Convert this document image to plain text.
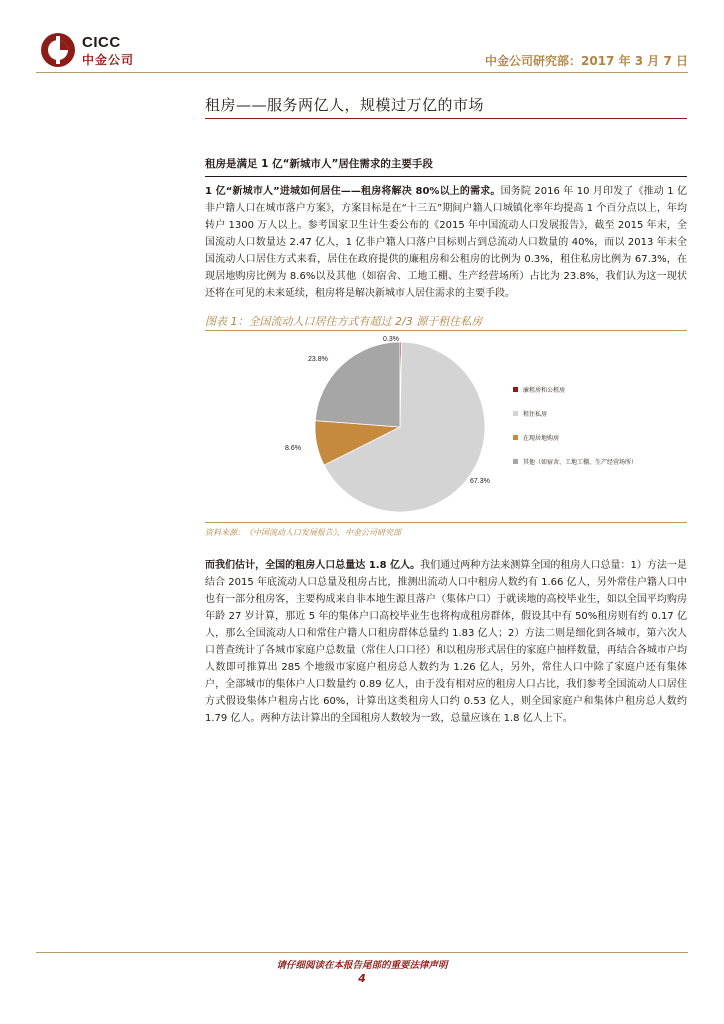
CICC
中金公司	中金公司研究部：2017 年 3 月 7 日
租房——服务两亿人，规模过万亿的市场
租房是满足 1 亿“新城市人”居住需求的主要手段
1 亿“新城市人”进城如何居住——租房将解决 80%以上的需求。国务院 2016 年 10 月印发了《推动 1 亿非户籍人口在城市落户方案》，方案目标是在“十三五”期间户籍人口城镇化率年均提高 1 个百分点以上，年均转户 1300 万人以上。参考国家卫生计生委公布的《2015 年中国流动人口发展报告》，截至 2015 年末，全国流动人口数量达 2.47 亿人，1 亿非户籍人口落户目标则占到总流动人口数量的 40%，而以 2013 年末全国流动人口居住方式来看，居住在政府提供的廉租房和公租房的比例为 0.3%，租住私房比例为 67.3%，在现居地购房比例为 8.6%以及其他（如宿舍、工地工棚、生产经营场所）占比为 23.8%，我们认为这一现状还将在可见的未来延续，租房将是解决新城市人居住需求的主要手段。
图表 1：全国流动人口居住方式有超过 2/3 源于租住私房
0.3%
67.3%
8.6%
23.8%
廉租房和公租房
租住私房
在现居地购房
其他（如宿舍、工地工棚、生产经营场所）
资料来源：《中国流动人口发展报告》，中金公司研究部
而我们估计，全国的租房人口总量达 1.8 亿人。我们通过两种方法来测算全国的租房人口总量：1）方法一是结合 2015 年底流动人口总量及租房占比，推测出流动人口中租房人数约有 1.66 亿人，另外常住户籍人口中也有一部分租房客，主要构成来自非本地生源且落户（集体户口）于就读地的高校毕业生，如以全国平均购房年龄 27 岁计算，那近 5 年的集体户口高校毕业生也将构成租房群体，假设其中有 50%租房则有约 0.17 亿人，那么全国流动人口和常住户籍人口租房群体总量约 1.83 亿人；2）方法二则是细化到各城市，第六次人口普查统计了各城市家庭户总数量（常住人口口径）和以租房形式居住的家庭户抽样数量，再结合各城市户均人数即可推算出 285 个地级市家庭户租房总人数约为 1.26 亿人，另外，常住人口中除了家庭户还有集体户，全部城市的集体户人口数量约 0.89 亿人，由于没有相对应的租房人口占比，我们参考全国流动人口居住方式假设集体户租房占比 60%，计算出这类租房人口约 0.53 亿人，则全国家庭户和集体户租房总人数约 1.79 亿人。两种方法计算出的全国租房人数较为一致，总量应该在 1.8 亿人上下。
请仔细阅读在本报告尾部的重要法律声明
4
